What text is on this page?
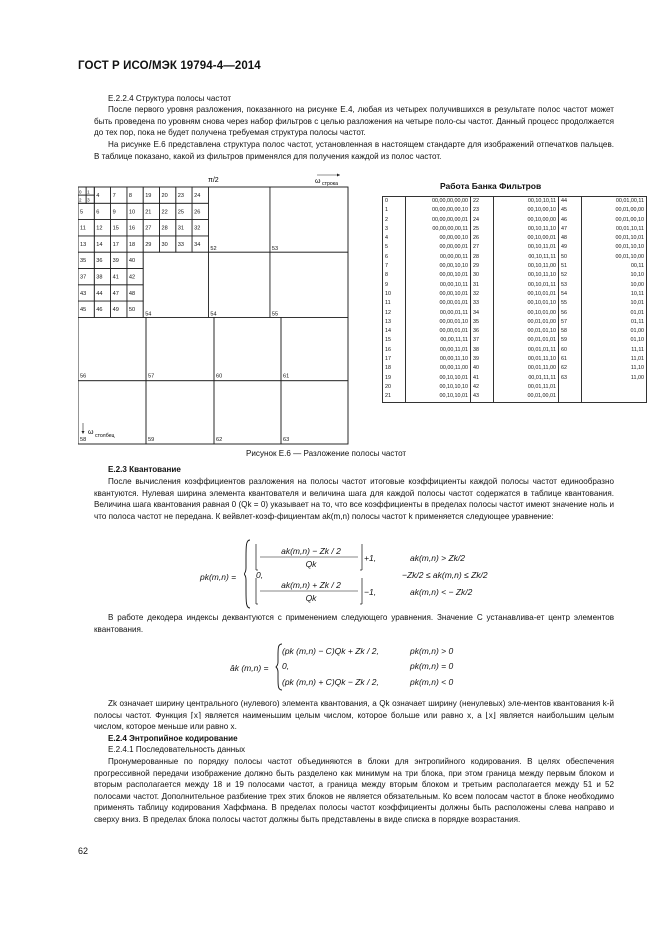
ГОСТ Р ИСО/МЭК 19794-4—2014
Е.2.2.4 Структура полосы частот
После первого уровня разложения, показанного на рисунке Е.4, любая из четырех получившихся в результате полос частот может быть проведена по уровням снова через набор фильтров с целью разложения на четыре поло-сы частот. Данный процесс продолжается до тех пор, пока не будет получена требуемая структура полосы частот.
На рисунке Е.6 представлена структура полос частот, установленная в настоящем стандарте для изображений отпечатков пальцев. В таблице показано, какой из фильтров применялся для получения каждой из полос частот.
4 7 8 19 20 23 24
5 6 9 10 21 22 25 26
11 12 15 16 27 28 31 32
13 14 17 18 29 30 33 34
35 36 39 40
37 38 41 42
43 44 47 48
45 46 49 50
0 1
2 3
52	53
54	54	55
56
58
57
59
60
62
61
63
π/2	ω строка
ω столбец
Работа Банка Фильтров
0	00,00,00,00,00	22	00,10,10,11	44	00,01,00,11
1	00,00,00,00,10	23	00,10,00,10	45	00,01,00,00
2	00,00,00,00,01	24	00,10,00,00	46	00,01,00,10
3	00,00,00,00,11	25	00,10,11,10	47	00,01,10,11
4	00,00,00,10	26	00,10,00,01	48	00,01,10,01
5	00,00,00,01	27	00,10,11,01	49	00,01,10,10
6	00,00,00,11	28	00,10,11,11	50	00,01,10,00
7	00,00,10,10	29	00,10,11,00	51	00,11
8	00,00,10,01	30	00,10,11,10	52	10,10
9	00,00,10,11	31	00,10,01,11	53	10,00
10	00,00,10,01	32	00,10,01,01	54	10,11
11	00,00,01,01	33	00,10,01,10	55	10,01
12	00,00,01,11	34	00,10,01,00	56	01,01
13	00,00,01,10	35	00,01,01,00	57	01,11
14	00,00,01,01	36	00,01,01,10	58	01,00
15	00,00,11,11	37	00,01,01,01	59	01,10
16	00,00,11,01	38	00,01,01,11	60	11,11
17	00,00,11,10	39	00,01,11,10	61	11,01
18	00,00,11,00	40	00,01,11,00	62	11,10
19	00,10,10,01	41	00,01,11,11	63	11,00
20	00,10,10,10	42	00,01,11,01		
21	00,10,10,01	43	00,01,00,01		
Рисунок Е.6 — Разложение полосы частот
Е.2.3 Квантование
После вычисления коэффициентов разложения на полосы частот итоговые коэффициенты каждой полосы частот единообразно квантуются. Нулевая ширина элемента квантователя и величина шага для каждой полосы частот содержатся в таблице квантования. Величина шага квантования равная 0 (Qk = 0) указывает на то, что все коэффициенты в пределах полосы частот имеют значение ноль и что полоса частот не передана. К вейвлет-коэф-фициентам ak(m,n) полосы частот k применяется следующее уравнение:
pk(m,n) =
ak(m,n) − Zk / 2
Qk
+1,
ak(m,n) + Zk / 2
Qk
−1,
0,
ak(m,n) > Zk/2
−Zk/2 ≤ ak(m,n) ≤ Zk/2
ak(m,n) < − Zk/2
В работе декодера индексы деквантуются с применением следующего уравнения. Значение C устанавлива-ет центр элементов квантования.
âk (m,n) =
(pk (m,n) − C)Qk + Zk / 2,
0,
(pk (m,n) + C)Qk − Zk / 2,
pk(m,n) > 0
pk(m,n) = 0
pk(m,n) < 0
Zk означает ширину центрального (нулевого) элемента квантования, а Qk означает ширину (ненулевых) эле-ментов квантования k-й полосы частот. Функция ⌈x⌉ является наименьшим целым числом, которое больше или равно x, а ⌊x⌋ является наибольшим целым числом, которое меньше или равно x.
Е.2.4 Энтропийное кодирование
Е.2.4.1 Последовательность данных
Пронумерованные по порядку полосы частот объединяются в блоки для энтропийного кодирования. В целях обеспечения прогрессивной передачи изображение должно быть разделено как минимум на три блока, при этом граница между первым блоком и вторым располагается между 18 и 19 полосами частот, а граница между вторым блоком и третьим располагается между 51 и 52 полосами частот. Дополнительное разбиение трех этих блоков не является обязательным. Ко всем полосам частот в блоке необходимо применять таблицу кодирования Хаффмана. В пределах полосы частот коэффициенты должны быть расположены слева направо и сверху вниз. В пределах блока полосы частот должны быть представлены в виде списка в порядке возрастания.
62
